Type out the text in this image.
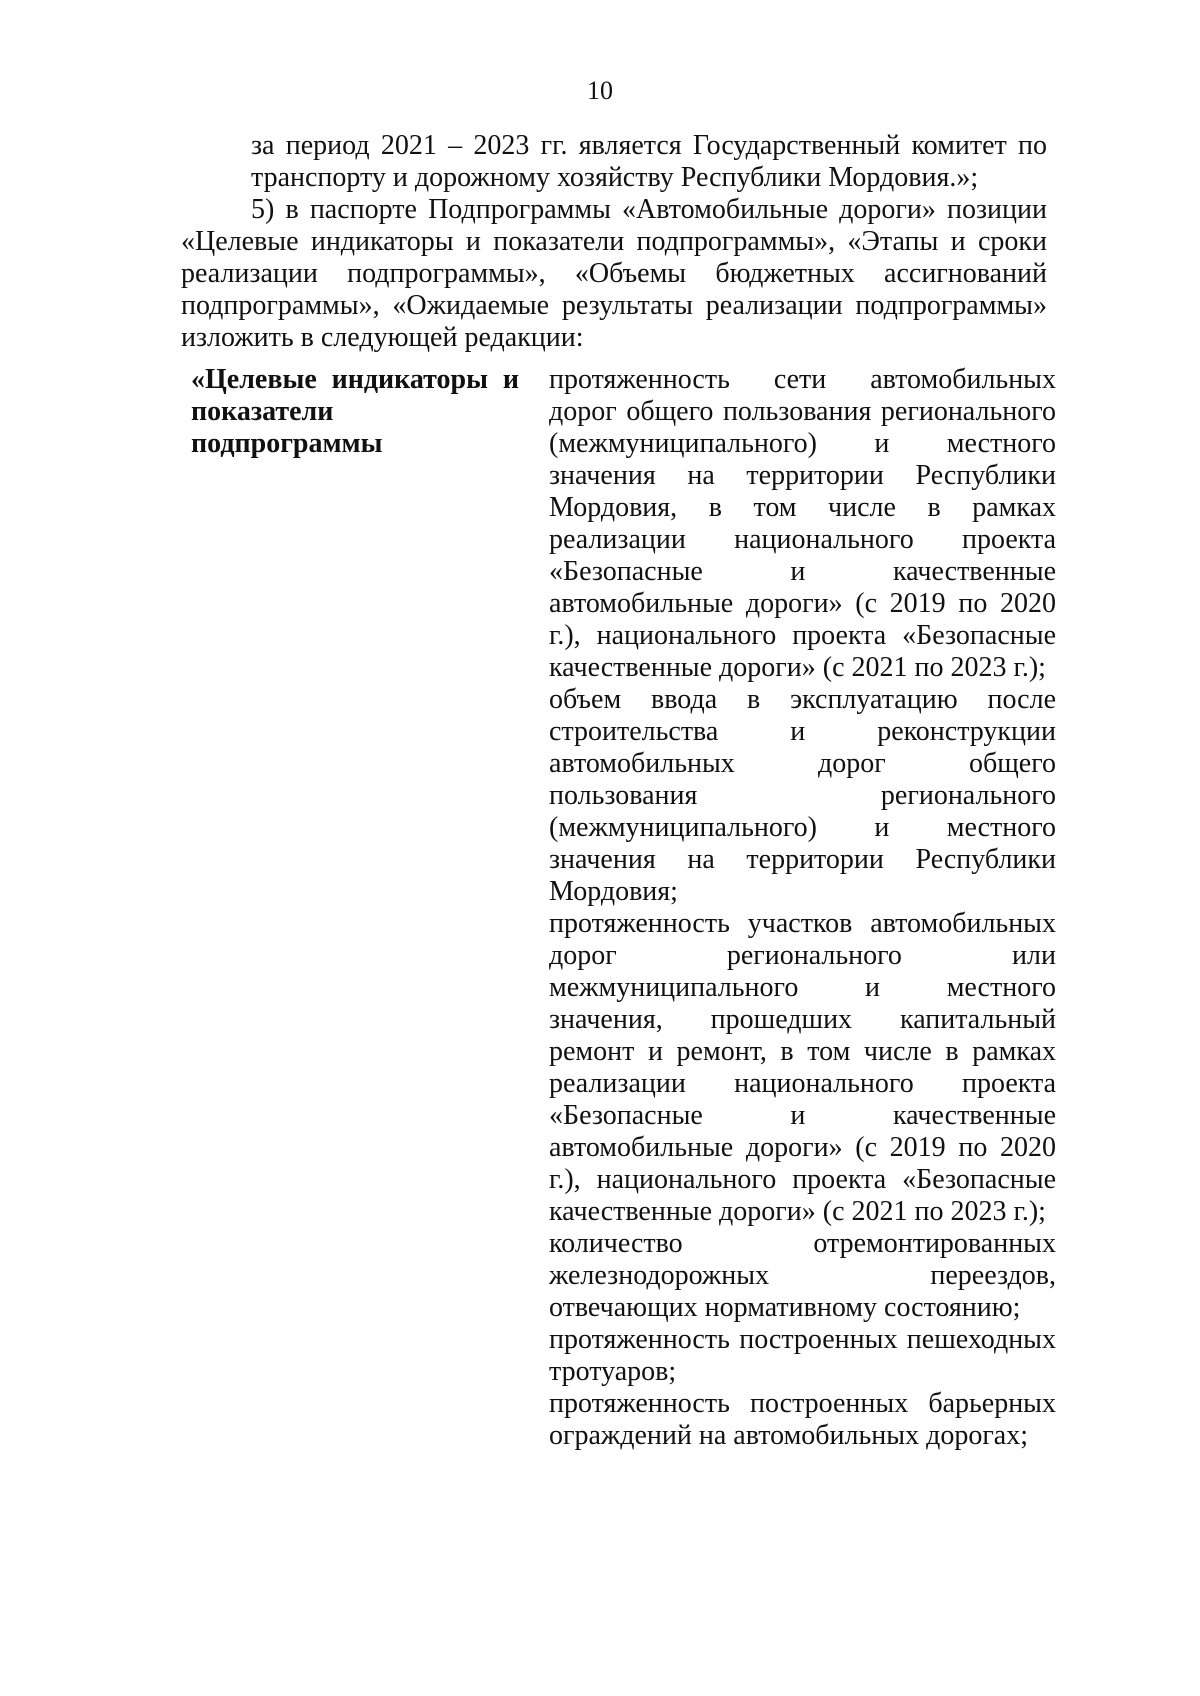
10

за период 2021 – 2023 гг. является Государственный комитет по транспорту и дорожному хозяйству Республики Мордовия.»;

5) в паспорте Подпрограммы «Автомобильные дороги» позиции «Целевые индикаторы и показатели подпрограммы», «Этапы и сроки реализации подпрограммы», «Объемы бюджетных ассигнований подпрограммы», «Ожидаемые результаты реализации подпрограммы» изложить в следующей редакции:

«Целевые индикаторы и показатели подпрограммы

протяженность сети автомобильных дорог общего пользования регионального (межмуниципального) и местного значения на территории Республики Мордовия, в том числе в рамках реализации национального проекта «Безопасные и качественные автомобильные дороги» (с 2019 по 2020 г.), национального проекта «Безопасные качественные дороги» (с 2021 по 2023 г.);

объем ввода в эксплуатацию после строительства и реконструкции автомобильных дорог общего пользования регионального (межмуниципального) и местного значения на территории Республики Мордовия;

протяженность участков автомобильных дорог регионального или межмуниципального и местного значения, прошедших капитальный ремонт и ремонт, в том числе в рамках реализации национального проекта «Безопасные и качественные автомобильные дороги» (с 2019 по 2020 г.), национального проекта «Безопасные качественные дороги» (с 2021 по 2023 г.);

количество отремонтированных железнодорожных переездов, отвечающих нормативному состоянию;

протяженность построенных пешеходных тротуаров;

протяженность построенных барьерных ограждений на автомобильных дорогах;
